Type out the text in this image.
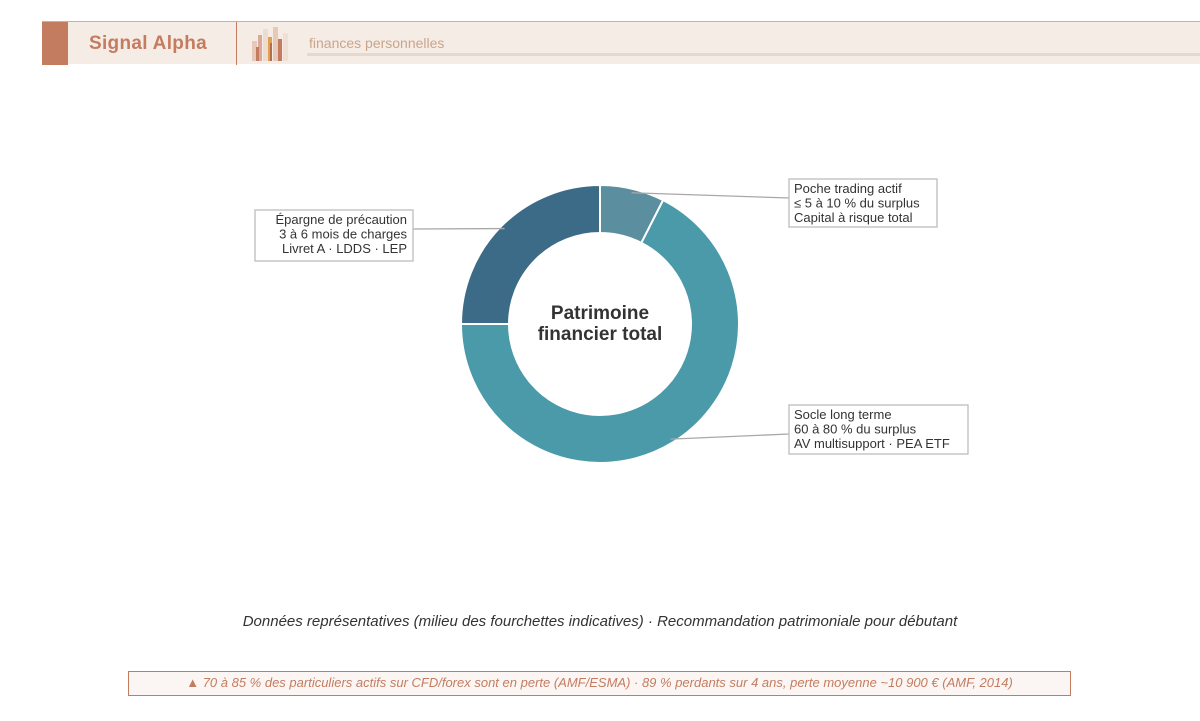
Signal Alpha	finances personnelles
Poche trading actif
≤ 5 à 10 % du surplus
Capital à risque total
Socle long terme
60 à 80 % du surplus
AV multisupport · PEA ETF
Épargne de précaution
3 à 6 mois de charges
Livret A · LDDS · LEP
Patrimoine
financier total
Données représentatives (milieu des fourchettes indicatives) · Recommandation patrimoniale pour débutant
▲ 70 à 85 % des particuliers actifs sur CFD/forex sont en perte (AMF/ESMA) · 89 % perdants sur 4 ans, perte moyenne ~10 900 € (AMF, 2014)
